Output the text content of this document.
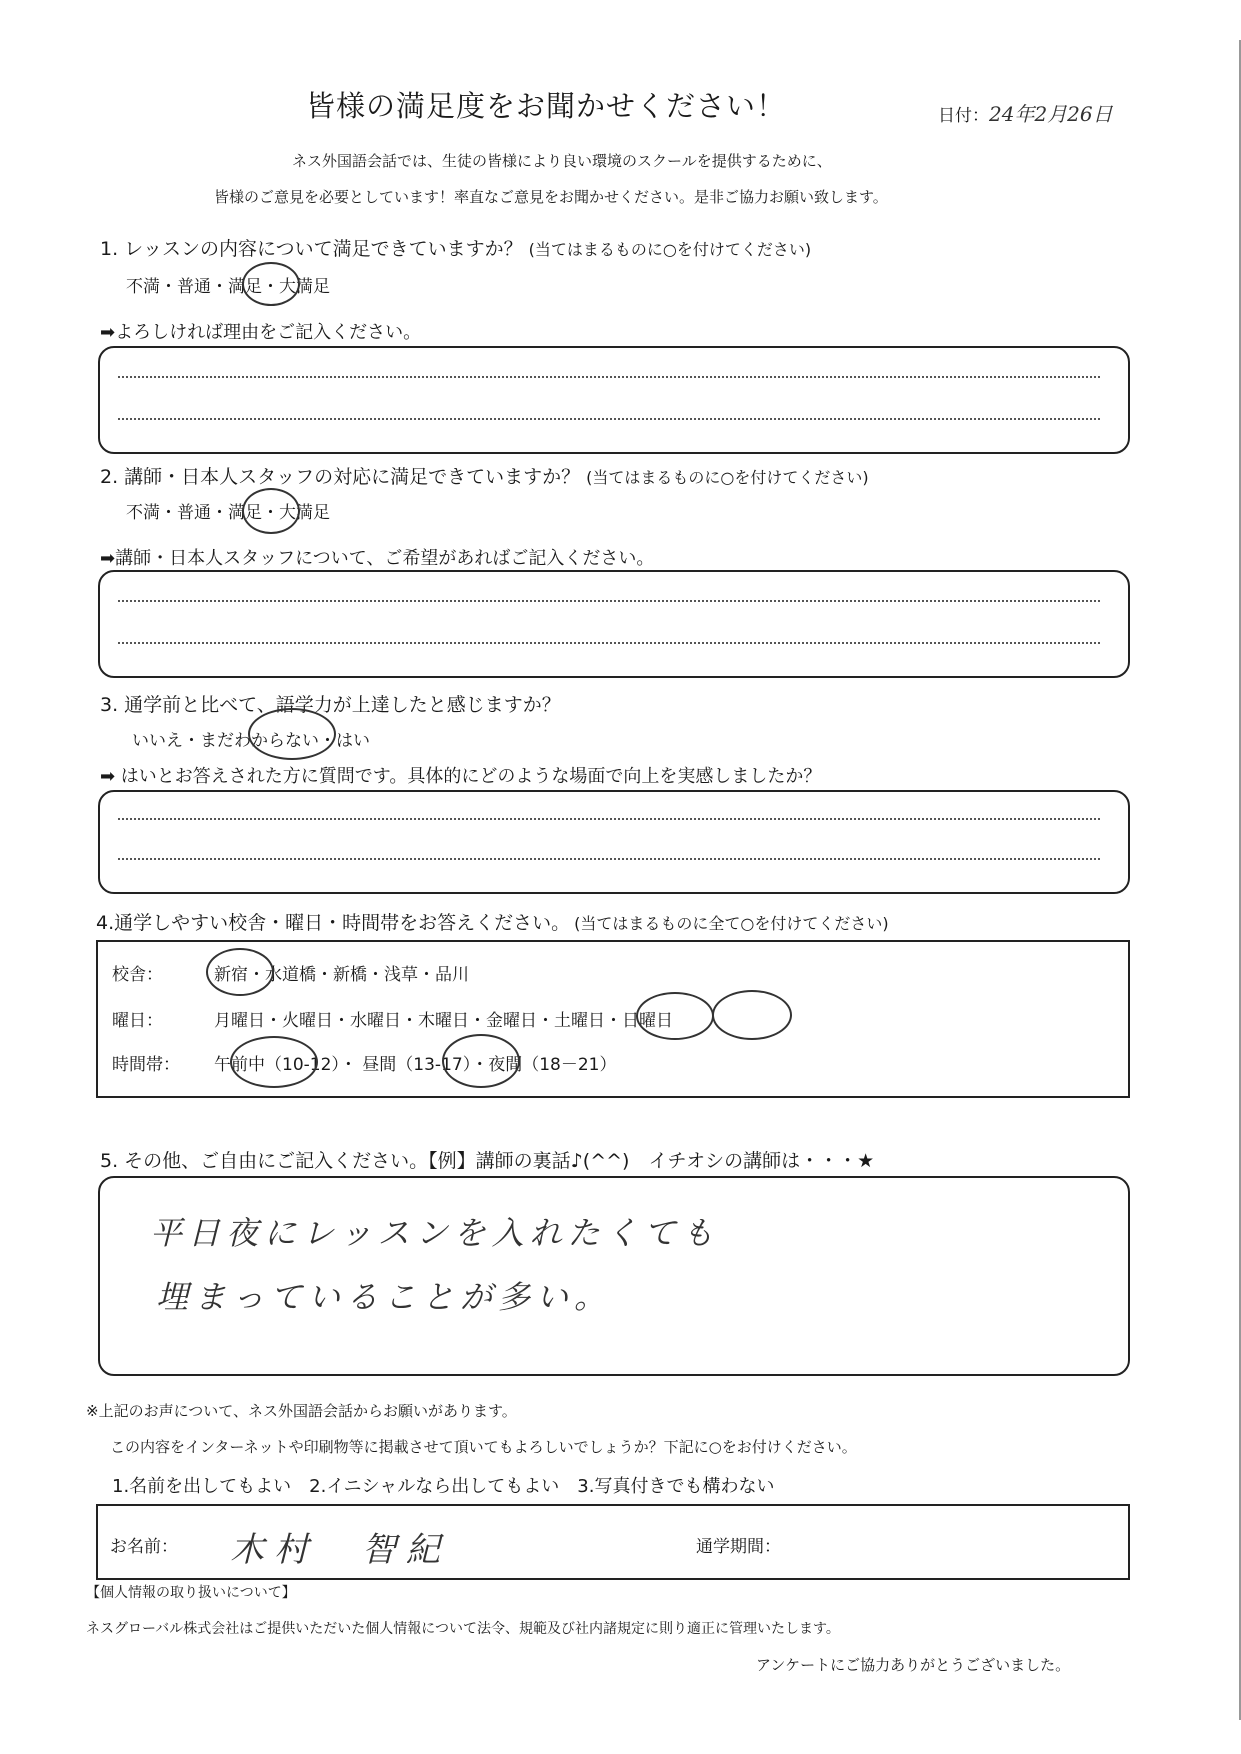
皆様の満足度をお聞かせください！	日付：24年2月26日
ネス外国語会話では、生徒の皆様により良い環境のスクールを提供するために、
皆様のご意見を必要としています！率直なご意見をお聞かせください。是非ご協力お願い致します。
1. レッスンの内容について満足できていますか？ (当てはまるものに○を付けてください)
不満・普通・満足・大満足
➡よろしければ理由をご記入ください。
2. 講師・日本人スタッフの対応に満足できていますか？ (当てはまるものに○を付けてください)
不満・普通・満足・大満足
➡講師・日本人スタッフについて、ご希望があればご記入ください。
3. 通学前と比べて、語学力が上達したと感じますか？
いいえ・まだわからない・はい
➡ はいとお答えされた方に質問です。具体的にどのような場面で向上を実感しましたか？
4.通学しやすい校舎・曜日・時間帯をお答えください。 (当てはまるものに全て○を付けてください)
校舎：	新宿・水道橋・新橋・浅草・品川
曜日：	月曜日・火曜日・水曜日・木曜日・金曜日・土曜日・日曜日
時間帯： 午前中（10-12）・ 昼間（13-17）・夜間（18－21）
5. その他、ご自由にご記入ください。【例】講師の裏話♪(^^)　イチオシの講師は・・・★
平日夜にレッスンを入れたくても
埋まっていることが多い。
※上記のお声について、ネス外国語会話からお願いがあります。
この内容をインターネットや印刷物等に掲載させて頂いてもよろしいでしょうか？下記に○をお付けください。
1.名前を出してもよい　2.イニシャルなら出してもよい　3.写真付きでも構わない
お名前： 木村　智紀	通学期間：
【個人情報の取り扱いについて】
ネスグローバル株式会社はご提供いただいた個人情報について法令、規範及び社内諸規定に則り適正に管理いたします。
アンケートにご協力ありがとうございました。
